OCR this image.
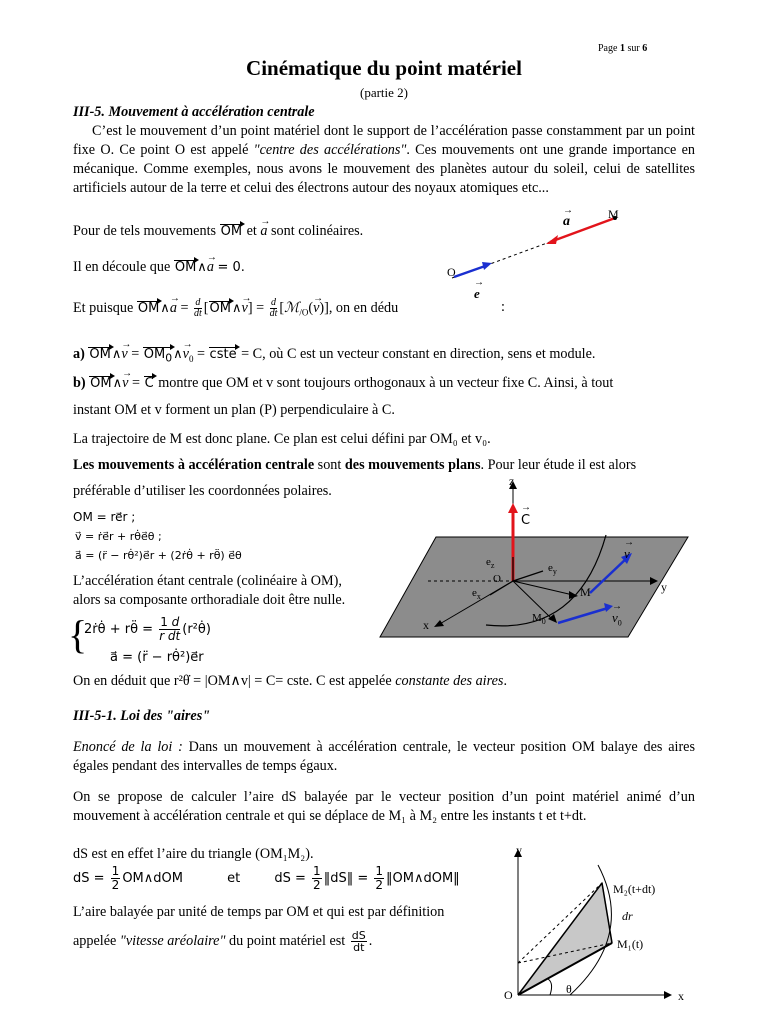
Page 1 sur 6
Cinématique du point matériel
(partie 2)
III-5. Mouvement à accélération centrale
C’est le mouvement d’un point matériel dont le support de l’accélération passe constamment par un point fixe O. Ce point O est appelé "centre des accélérations". Ces mouvements ont une grande importance en mécanique. Comme exemples, nous avons le mouvement des planètes autour du soleil, celui de satellites artificiels autour de la terre et celui des électrons autour des noyaux atomiques etc...
Pour de tels mouvements OM et → a sont colinéaires.
Il en découle que OM∧→ a = 0.
Et puisque OM∧→ $a = \frac{d}{dt}$ [OM∧→ $v] = \frac{d}{dt}$ [ℳ$_{/O}$(→ v)], on en dédu	:
a) OM∧→ $v = OM_0\wedge\to v_0$ = cste = C, où C est un vecteur constant en direction, sens et module.
b) OM∧→ v = C montre que OM et v sont toujours orthogonaux à un vecteur fixe C. Ainsi, à tout
instant OM et v forment un plan (P) perpendiculaire à C.
La trajectoire de M est donc plane. Ce plan est celui défini par OM₀ et v₀.
Les mouvements à accélération centrale sont des mouvements plans. Pour leur étude il est alors
préférable d’utiliser les coordonnées polaires.
OM = re⃗r ;
v⃗ = ṙe⃗r + rθ̇e⃗θ ;
a⃗ = (r̈ − rθ̇²)e⃗r + (2ṙθ̇ + rθ̈) e⃗θ
L’accélération étant centrale (colinéaire à OM),
alors sa composante orthoradiale doit être nulle.
{
2ṙθ̇ + rθ̈ = $\frac{1 d}{\text{r dt}}$ (r²θ̇)
a⃗ = (r̈ − rθ̇²)e⃗r
On en déduit que r²θ̇ = |OM∧v| = C= cste. C est appelée constante des aires.
III-5-1. Loi des "aires"
Enoncé de la loi : Dans un mouvement à accélération centrale, le vecteur position OM balaye des aires égales pendant des intervalles de temps égaux.
On se propose de calculer l’aire dS balayée par le vecteur position d’un point matériel animé d’un mouvement à accélération centrale et qui se déplace de M₁ à M₂ entre les instants t et t+dt.
dS est en effet l’aire du triangle (OM₁M₂).
dS = $\frac{1}{2}$ OM∧dOM	et	dS = $\frac{1}{2}$ ‖dS‖ = $\frac{1}{2}$ ‖OM∧dOM‖
L’aire balayée par unité de temps par OM et qui est par définition
appelée "vitesse aréolaire" du point matériel est $\frac{dS}{dt}$ .
a
→	M
O
e
→
z
C
→
$e_z$	$e_y$
$e_x$
O
v
→
y
M
$v_0$
→
$M_0$
x
y
M₂(t+dt)
dr
M₁(t)
O	θ	x
